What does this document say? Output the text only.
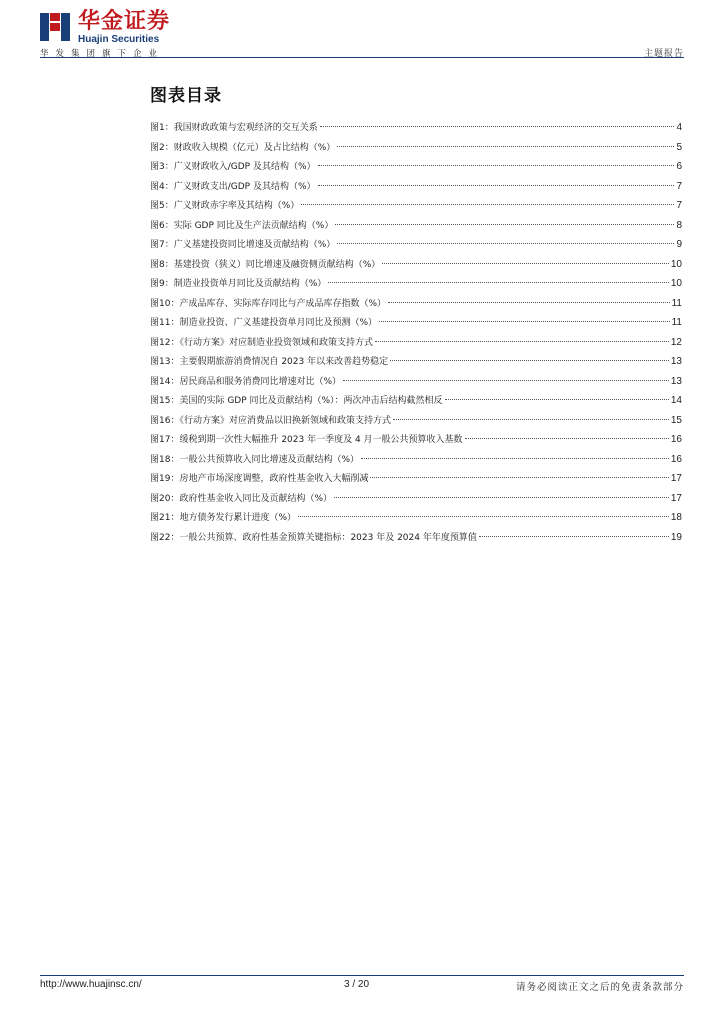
华金证券
Huajin Securities
华发集团旗下企业	主题报告
图表目录
图1：我国财政政策与宏观经济的交互关系	4
图2：财政收入规模（亿元）及占比结构（%）	5
图3：广义财政收入/GDP 及其结构（%）	6
图4：广义财政支出/GDP 及其结构（%）	7
图5：广义财政赤字率及其结构（%）	7
图6：实际 GDP 同比及生产法贡献结构（%）	8
图7：广义基建投资同比增速及贡献结构（%）	9
图8：基建投资（狭义）同比增速及融资侧贡献结构（%）	10
图9：制造业投资单月同比及贡献结构（%）	10
图10：产成品库存、实际库存同比与产成品库存指数（%）	11
图11：制造业投资、广义基建投资单月同比及预测（%）	11
图12：《行动方案》对应制造业投资领域和政策支持方式	12
图13：主要假期旅游消费情况自 2023 年以来改善趋势稳定	13
图14：居民商品和服务消费同比增速对比（%）	13
图15：美国的实际 GDP 同比及贡献结构（%）：两次冲击后结构截然相反	14
图16：《行动方案》对应消费品以旧换新领域和政策支持方式	15
图17：缓税到期一次性大幅推升 2023 年一季度及 4 月一般公共预算收入基数	16
图18：一般公共预算收入同比增速及贡献结构（%）	16
图19：房地产市场深度调整，政府性基金收入大幅削减	17
图20：政府性基金收入同比及贡献结构（%）	17
图21：地方债务发行累计进度（%）	18
图22：一般公共预算、政府性基金预算关键指标：2023 年及 2024 年年度预算值	19
http://www.huajinsc.cn/	3 / 20	请务必阅读正文之后的免责条款部分
